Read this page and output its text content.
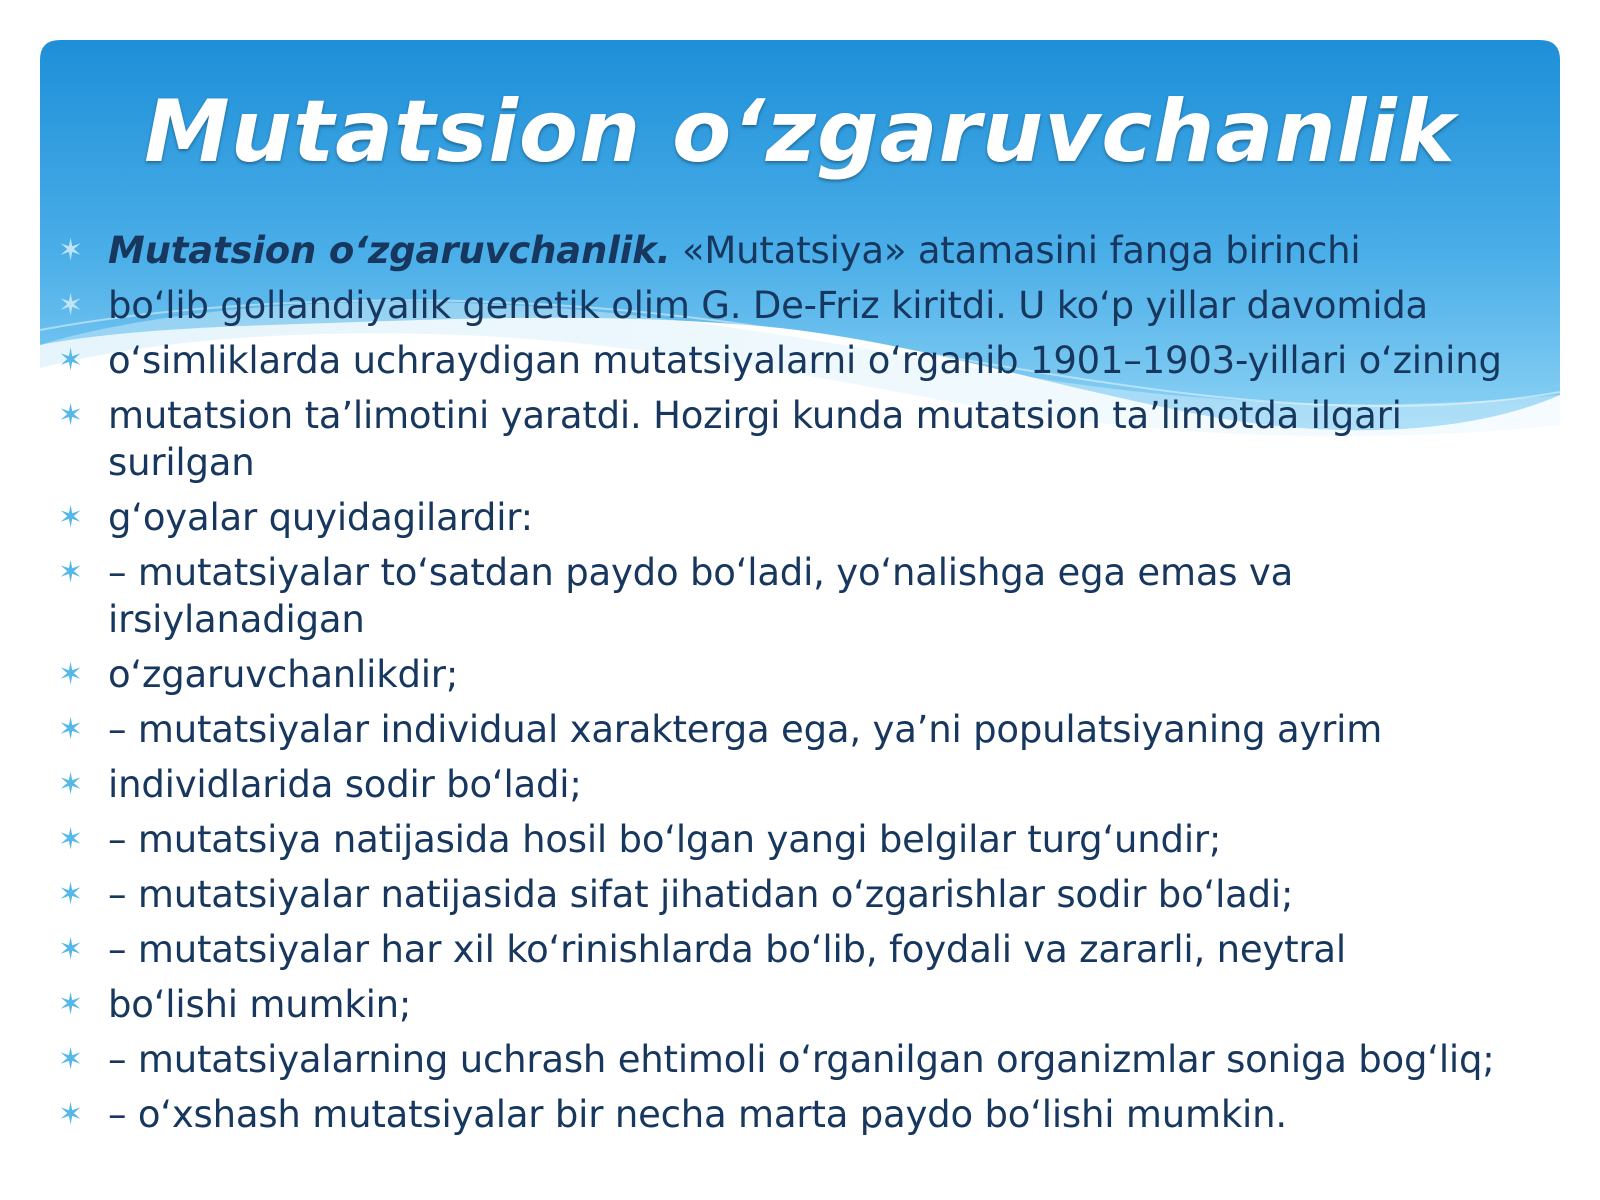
Mutatsion o‘zgaruvchanlik
✶ Mutatsion o‘zgaruvchanlik. «Mutatsiya» atamasini fanga birinchi
✶ bo‘lib gollandiyalik genetik olim G. De-Friz kiritdi. U ko‘p yillar davomida
✶ o‘simliklarda uchraydigan mutatsiyalarni o‘rganib 1901–1903-yillari o‘zining
✶ mutatsion ta’limotini yaratdi. Hozirgi kunda mutatsion ta’limotda ilgari surilgan
✶ g‘oyalar quyidagilardir:
✶ – mutatsiyalar to‘satdan paydo bo‘ladi, yo‘nalishga ega emas va irsiylanadigan
✶ o‘zgaruvchanlikdir;
✶ – mutatsiyalar individual xarakterga ega, ya’ni populatsiyaning ayrim
✶ individlarida sodir bo‘ladi;
✶ – mutatsiya natijasida hosil bo‘lgan yangi belgilar turg‘undir;
✶ – mutatsiyalar natijasida sifat jihatidan o‘zgarishlar sodir bo‘ladi;
✶ – mutatsiyalar har xil ko‘rinishlarda bo‘lib, foydali va zararli, neytral
✶ bo‘lishi mumkin;
✶ – mutatsiyalarning uchrash ehtimoli o‘rganilgan organizmlar soniga bog‘liq;
✶ – o‘xshash mutatsiyalar bir necha marta paydo bo‘lishi mumkin.
